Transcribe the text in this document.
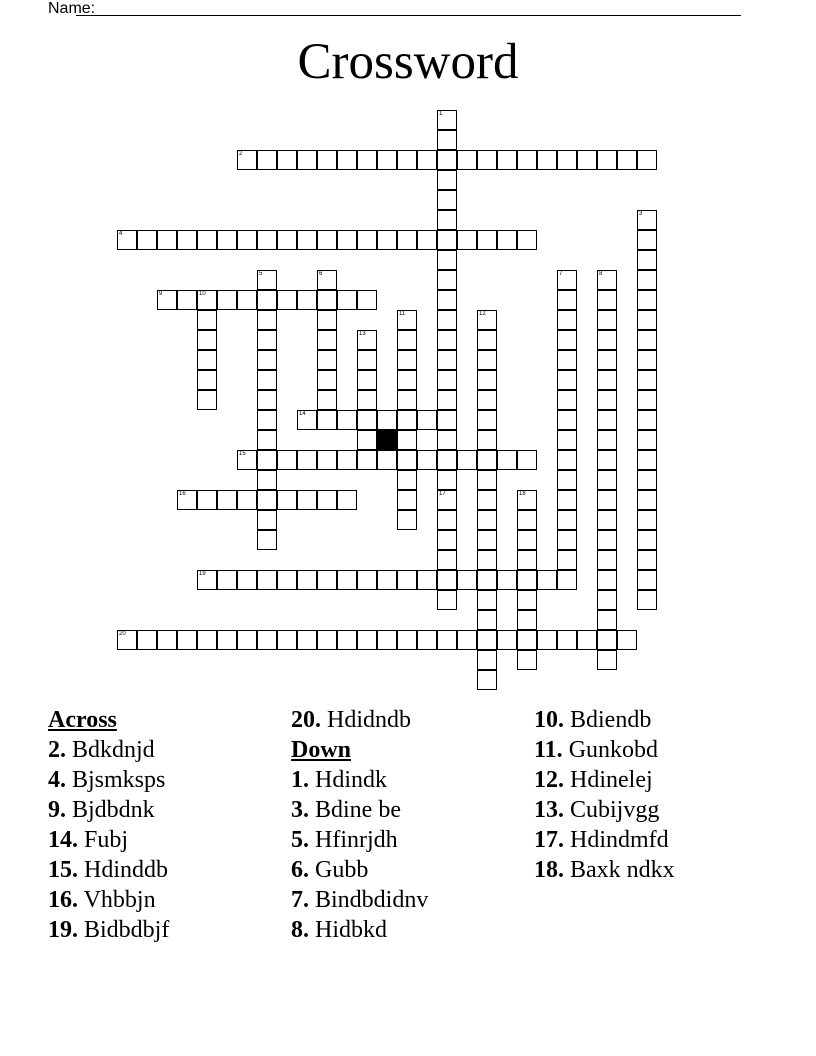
Name:
Crossword
1
17
2
3
4
5	6	7	8
9	10
11	12
13
14
15
16	18
19
20
Across
2. Bdkdnjd
4. Bjsmksps
9. Bjdbdnk
14. Fubj
15. Hdinddb
16. Vhbbjn
19. Bidbdbjf
20. Hdidndb
Down
1. Hdindk
3. Bdine be
5. Hfinrjdh
6. Gubb
7. Bindbdidnv
8. Hidbkd
10. Bdiendb
11. Gunkobd
12. Hdinelej
13. Cubijvgg
17. Hdindmfd
18. Baxk ndkx
